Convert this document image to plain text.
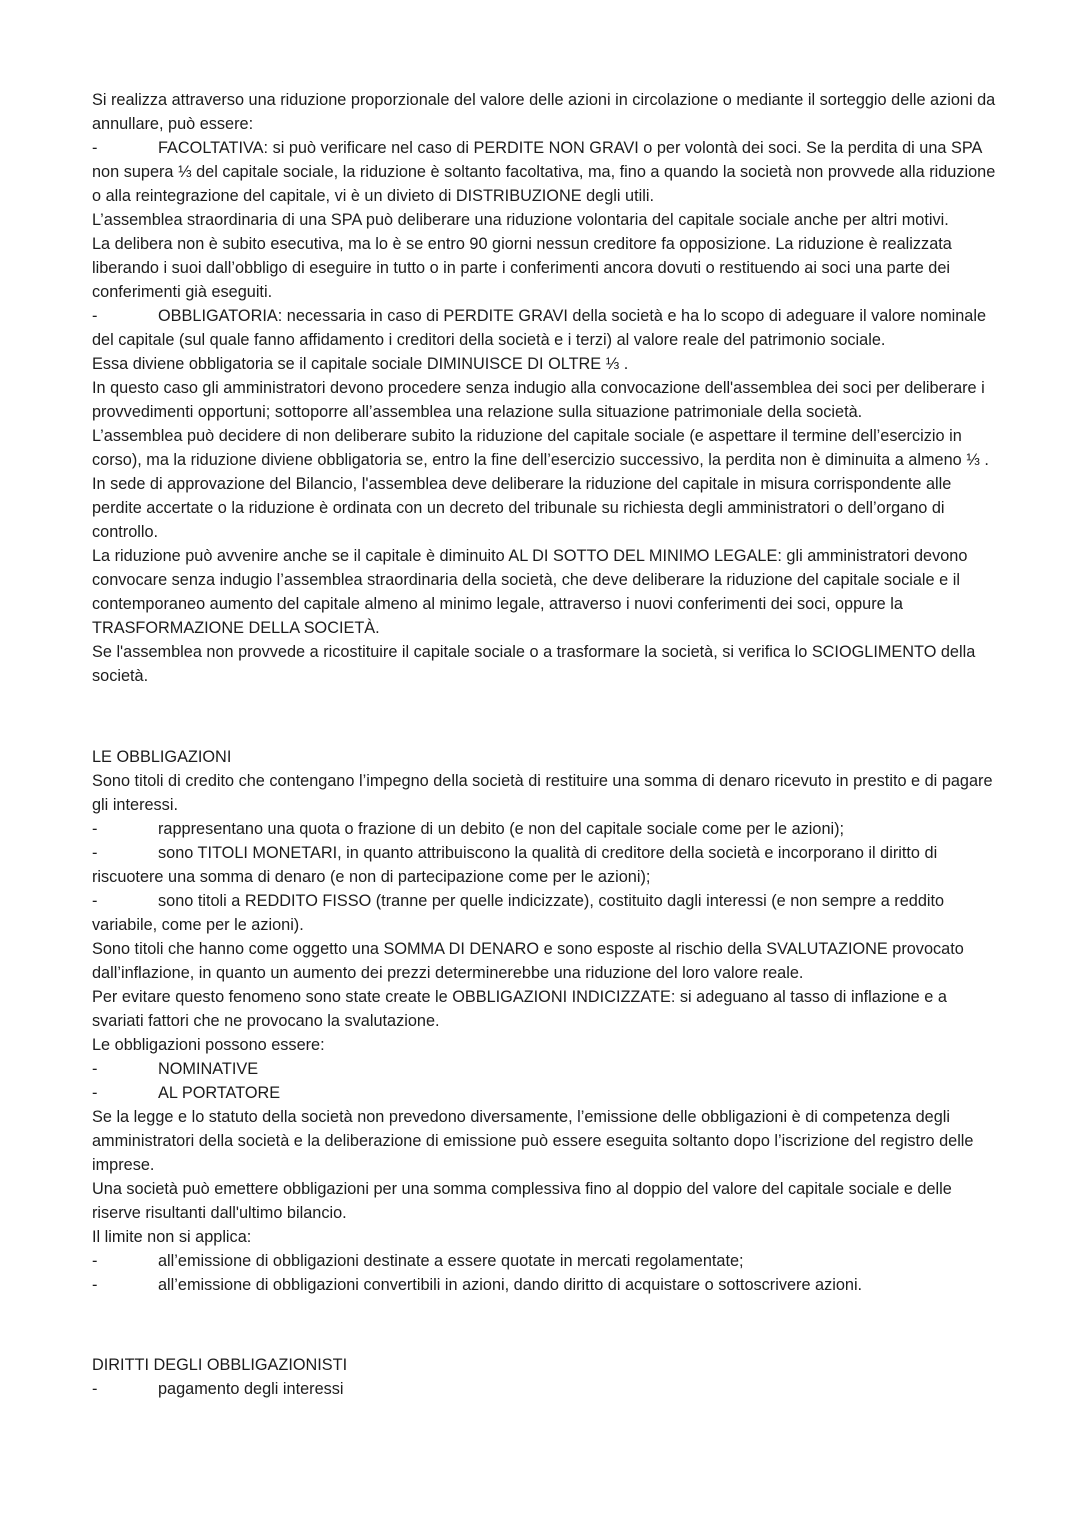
Si realizza attraverso una riduzione proporzionale del valore delle azioni in circolazione o mediante il sorteggio delle azioni da annullare, può essere:

-	FACOLTATIVA: si può verificare nel caso di PERDITE NON GRAVI o per volontà dei soci. Se la perdita di una SPA non supera ⅓ del capitale sociale, la riduzione è soltanto facoltativa, ma, fino a quando la società non provvede alla riduzione o alla reintegrazione del capitale, vi è un divieto di DISTRIBUZIONE degli utili.

L’assemblea straordinaria di una SPA può deliberare una riduzione volontaria del capitale sociale anche per altri motivi.

La delibera non è subito esecutiva, ma lo è se entro 90 giorni nessun creditore fa opposizione. La riduzione è realizzata liberando i suoi dall’obbligo di eseguire in tutto o in parte i conferimenti ancora dovuti o restituendo ai soci una parte dei conferimenti già eseguiti.

-	OBBLIGATORIA: necessaria in caso di PERDITE GRAVI della società e ha lo scopo di adeguare il valore nominale del capitale (sul quale fanno affidamento i creditori della società e i terzi) al valore reale del patrimonio sociale.

Essa diviene obbligatoria se il capitale sociale DIMINUISCE DI OLTRE ⅓ .

In questo caso gli amministratori devono procedere senza indugio alla convocazione dell'assemblea dei soci per deliberare i provvedimenti opportuni; sottoporre all’assemblea una relazione sulla situazione patrimoniale della società.

L’assemblea può decidere di non deliberare subito la riduzione del capitale sociale (e aspettare il termine dell’esercizio in corso), ma la riduzione diviene obbligatoria se, entro la fine dell’esercizio successivo, la perdita non è diminuita a almeno ⅓ .

In sede di approvazione del Bilancio, l'assemblea deve deliberare la riduzione del capitale in misura corrispondente alle perdite accertate o la riduzione è ordinata con un decreto del tribunale su richiesta degli amministratori o dell’organo di controllo.

La riduzione può avvenire anche se il capitale è diminuito AL DI SOTTO DEL MINIMO LEGALE: gli amministratori devono convocare senza indugio l’assemblea straordinaria della società, che deve deliberare la riduzione del capitale sociale e il contemporaneo aumento del capitale almeno al minimo legale, attraverso i nuovi conferimenti dei soci, oppure la TRASFORMAZIONE DELLA SOCIETÀ.

Se l'assemblea non provvede a ricostituire il capitale sociale o a trasformare la società, si verifica lo SCIOGLIMENTO della società.

LE OBBLIGAZIONI

Sono titoli di credito che contengano l’impegno della società di restituire una somma di denaro ricevuto in prestito e di pagare gli interessi.

-	rappresentano una quota o frazione di un debito (e non del capitale sociale come per le azioni);

-	sono TITOLI MONETARI, in quanto attribuiscono la qualità di creditore della società e incorporano il diritto di riscuotere una somma di denaro (e non di partecipazione come per le azioni);

-	sono titoli a REDDITO FISSO (tranne per quelle indicizzate), costituito dagli interessi (e non sempre a reddito variabile, come per le azioni).

Sono titoli che hanno come oggetto una SOMMA DI DENARO e sono esposte al rischio della SVALUTAZIONE provocato dall’inflazione, in quanto un aumento dei prezzi determinerebbe una riduzione del loro valore reale.

Per evitare questo fenomeno sono state create le OBBLIGAZIONI INDICIZZATE: si adeguano al tasso di inflazione e a svariati fattori che ne provocano la svalutazione.

Le obbligazioni possono essere:

-	NOMINATIVE

-	AL PORTATORE

Se la legge e lo statuto della società non prevedono diversamente, l’emissione delle obbligazioni è di competenza degli amministratori della società e la deliberazione di emissione può essere eseguita soltanto dopo l’iscrizione del registro delle imprese.

Una società può emettere obbligazioni per una somma complessiva fino al doppio del valore del capitale sociale e delle riserve risultanti dall'ultimo bilancio.

Il limite non si applica:

-	all’emissione di obbligazioni destinate a essere quotate in mercati regolamentate;

-	all’emissione di obbligazioni convertibili in azioni, dando diritto di acquistare o sottoscrivere azioni.

DIRITTI DEGLI OBBLIGAZIONISTI

-	pagamento degli interessi
